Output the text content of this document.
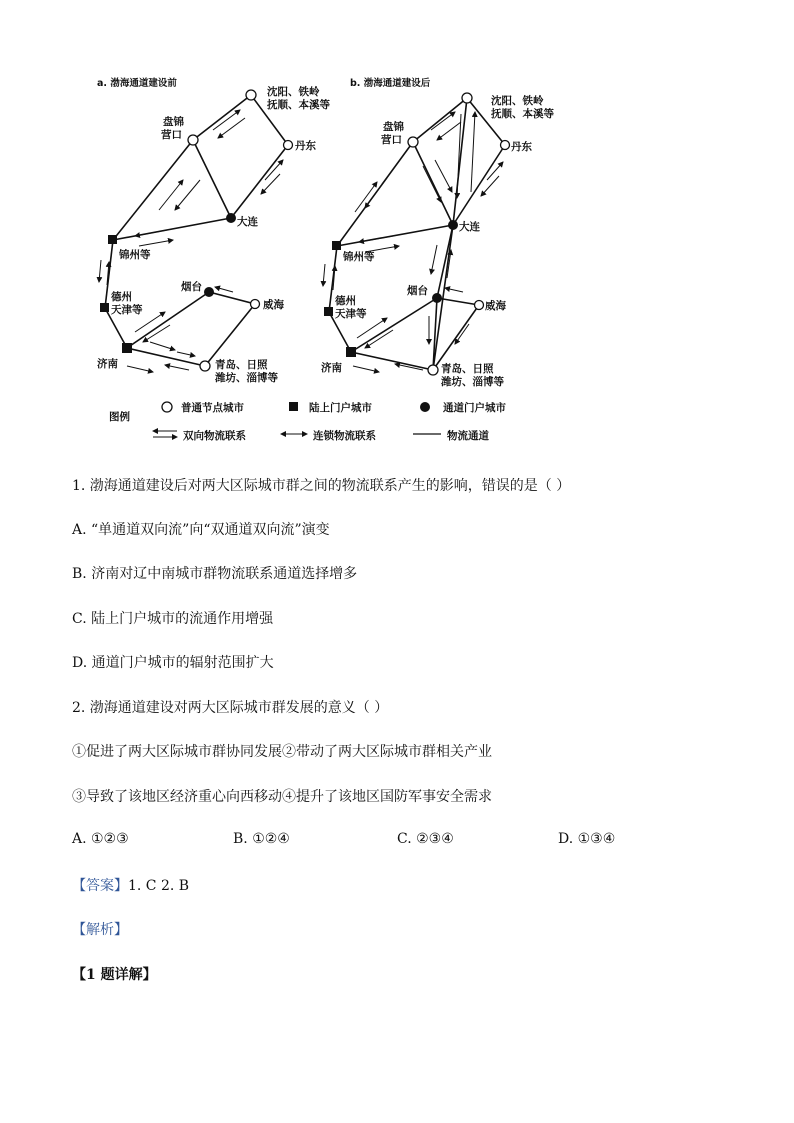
a. 渤海通道建设前
沈阳、铁岭抚顺、本溪等
盘锦营口
丹东
大连
锦州等
烟台
威海
德州天津等
济南	青岛、日照潍坊、淄博等
b. 渤海通道建设后
沈阳、铁岭抚顺、本溪等
盘锦营口
丹东
大连
锦州等
烟台
威海
德州天津等
济南	青岛、日照潍坊、淄博等
图例
普通节点城市	陆上门户城市	通道门户城市
双向物流联系	连锁物流联系	物流通道
1. 渤海通道建设后对两大区际城市群之间的物流联系产生的影响，错误的是（ ）
A. “单通道双向流”向“双通道双向流”演变
B. 济南对辽中南城市群物流联系通道选择增多
C. 陆上门户城市的流通作用增强
D. 通道门户城市的辐射范围扩大
2. 渤海通道建设对两大区际城市群发展的意义（ ）
①促进了两大区际城市群协同发展②带动了两大区际城市群相关产业
③导致了该地区经济重心向西移动④提升了该地区国防军事安全需求
A. ①②③	B. ①②④	C. ②③④	D. ①③④
【答案】1. C 2. B
【解析】
【1 题详解】
